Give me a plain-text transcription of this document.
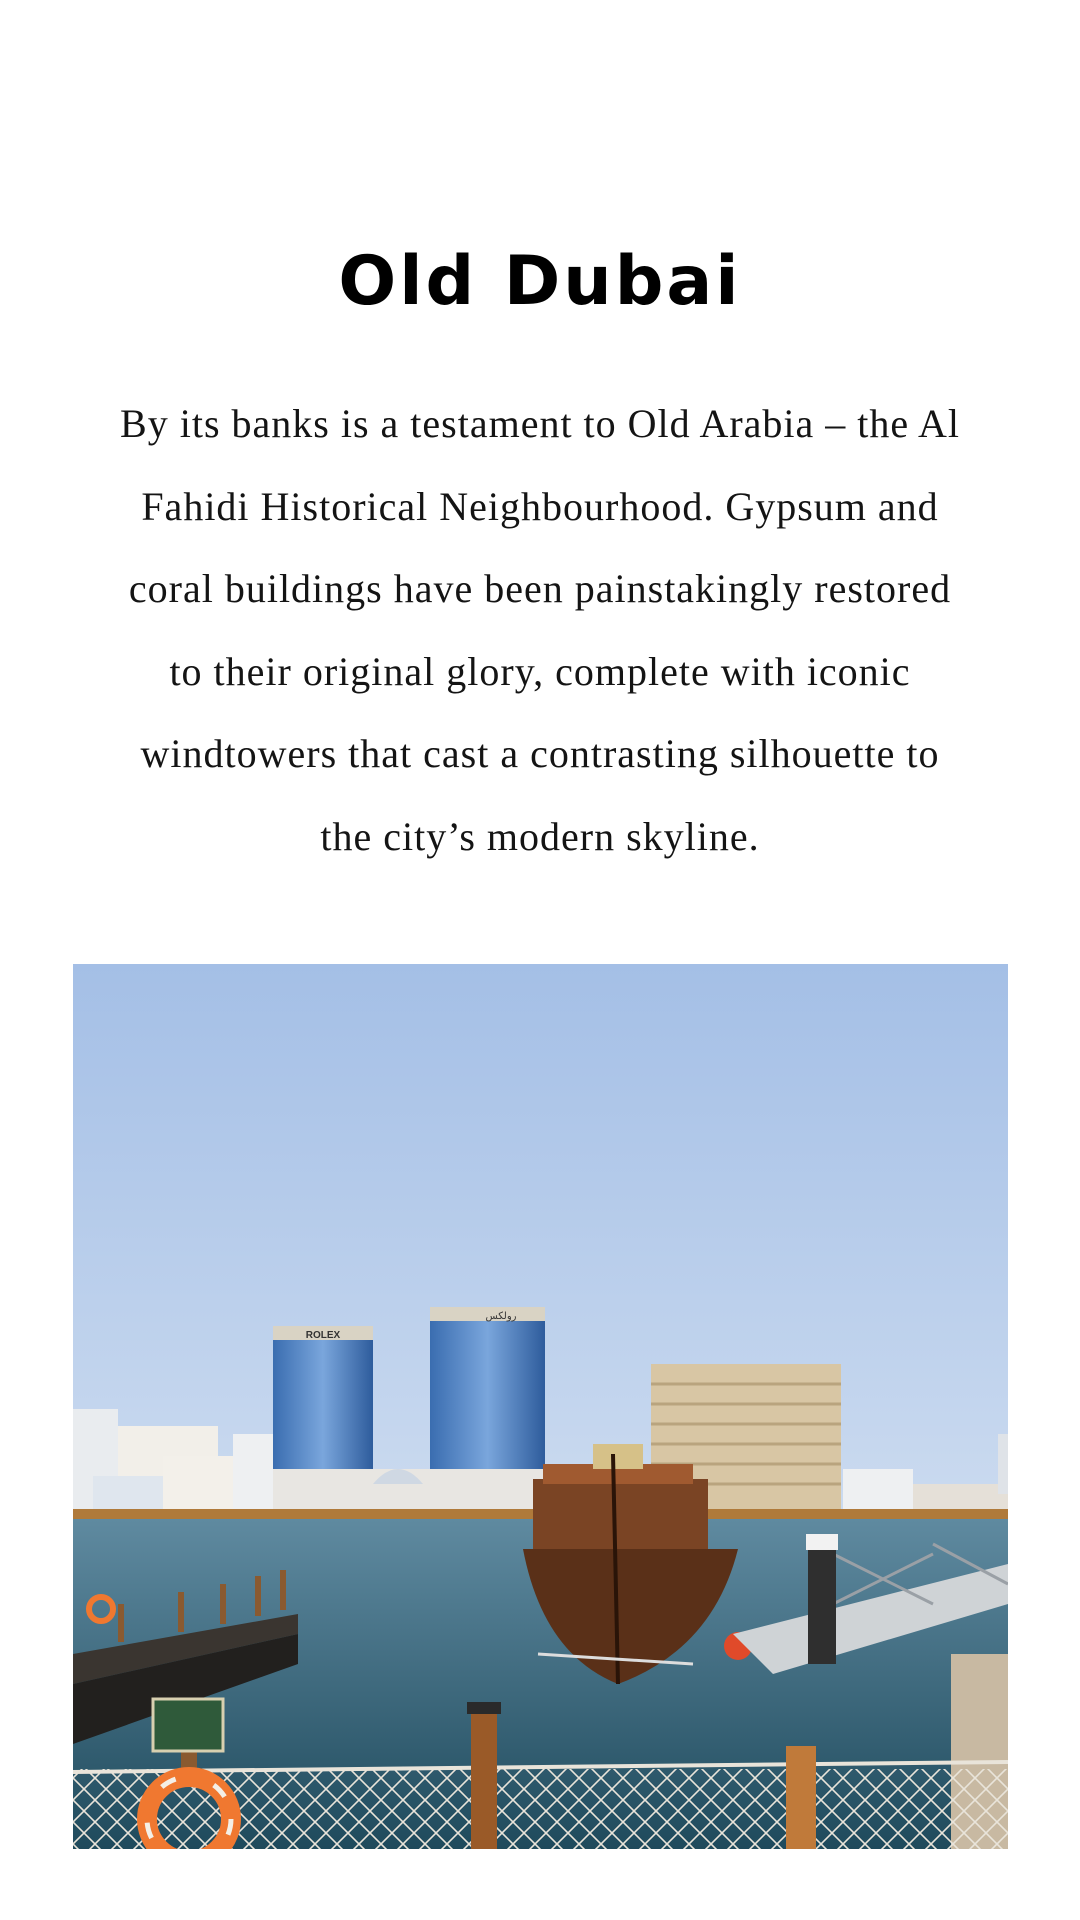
Old Dubai

By its banks is a testament to Old Arabia – the Al Fahidi Historical Neighbourhood. Gypsum and coral buildings have been painstakingly restored to their original glory, complete with iconic windtowers that cast a contrasting silhouette to the city’s modern skyline.

ROLEX
رولكس
